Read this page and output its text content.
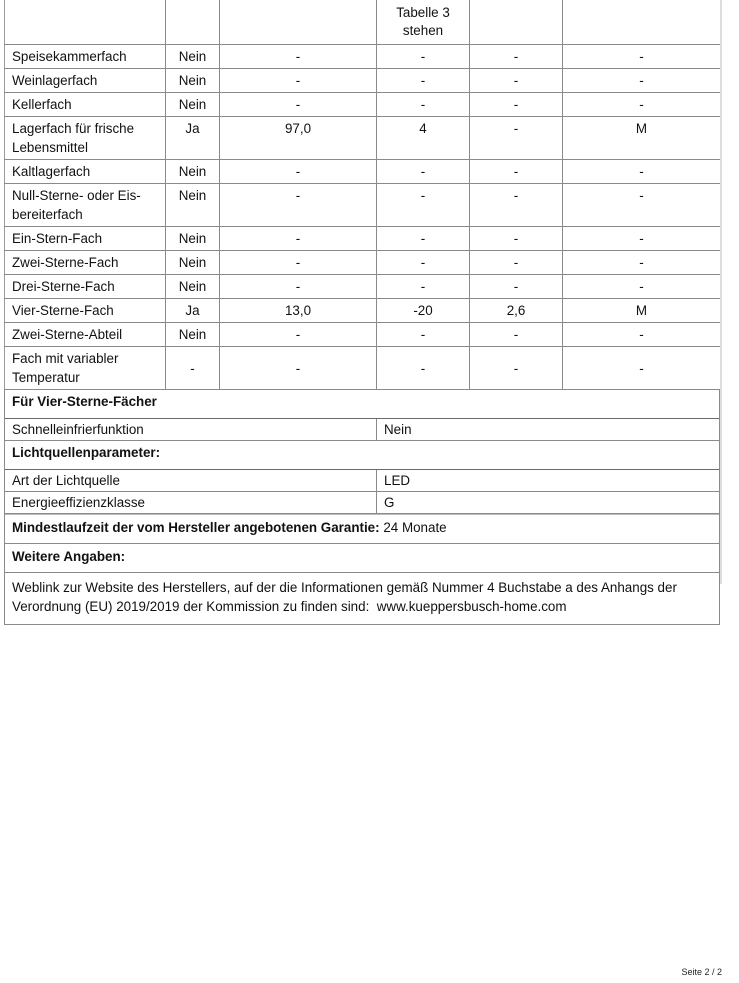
			Tabelle 3 stehen		
Speisekammerfach	Nein	-	-	-	-
Weinlagerfach	Nein	-	-	-	-
Kellerfach	Nein	-	-	-	-
Lagerfach für frische Lebensmittel	Ja	97,0	4	-	M
Kaltlagerfach	Nein	-	-	-	-
Null-Sterne- oder Eis-bereiterfach	Nein	-	-	-	-
Ein-Stern-Fach	Nein	-	-	-	-
Zwei-Sterne-Fach	Nein	-	-	-	-
Drei-Sterne-Fach	Nein	-	-	-	-
Vier-Sterne-Fach	Ja	13,0	-20	2,6	M
Zwei-Sterne-Abteil	Nein	-	-	-	-
Fach mit variabler Temperatur	-	-	-	-	-
Für Vier-Sterne-Fächer
Schnelleinfrierfunktion	Nein
Lichtquellenparameter:
Art der Lichtquelle	LED
Energieeffizienzklasse	G
Mindestlaufzeit der vom Hersteller angebotenen Garantie: 24 Monate
Weitere Angaben:
Weblink zur Website des Herstellers, auf der die Informationen gemäß Nummer 4 Buchstabe a des Anhangs der Verordnung (EU) 2019/2019 der Kommission zu finden sind: www.kueppersbusch-home.com
Seite 2 / 2
